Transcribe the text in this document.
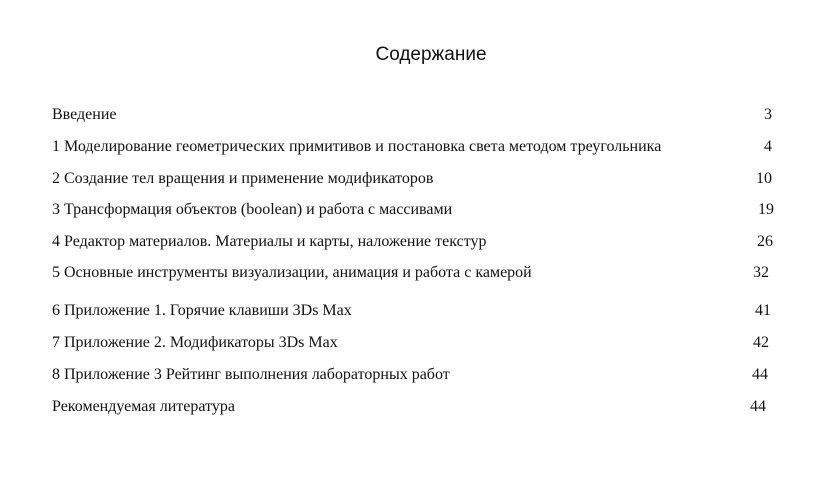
Содержание
Введение	3
1 Моделирование геометрических примитивов и постановка света методом треугольника	4
2 Создание тел вращения и применение модификаторов	10
3 Трансформация объектов (boolean) и работа с массивами	19
4 Редактор материалов. Материалы и карты, наложение текстур	26
5 Основные инструменты визуализации, анимация и работа с камерой	32
6 Приложение 1. Горячие клавиши 3Ds Max	41
7 Приложение 2. Модификаторы 3Ds Max	42
8 Приложение 3 Рейтинг выполнения лабораторных работ	44
Рекомендуемая литература	44
